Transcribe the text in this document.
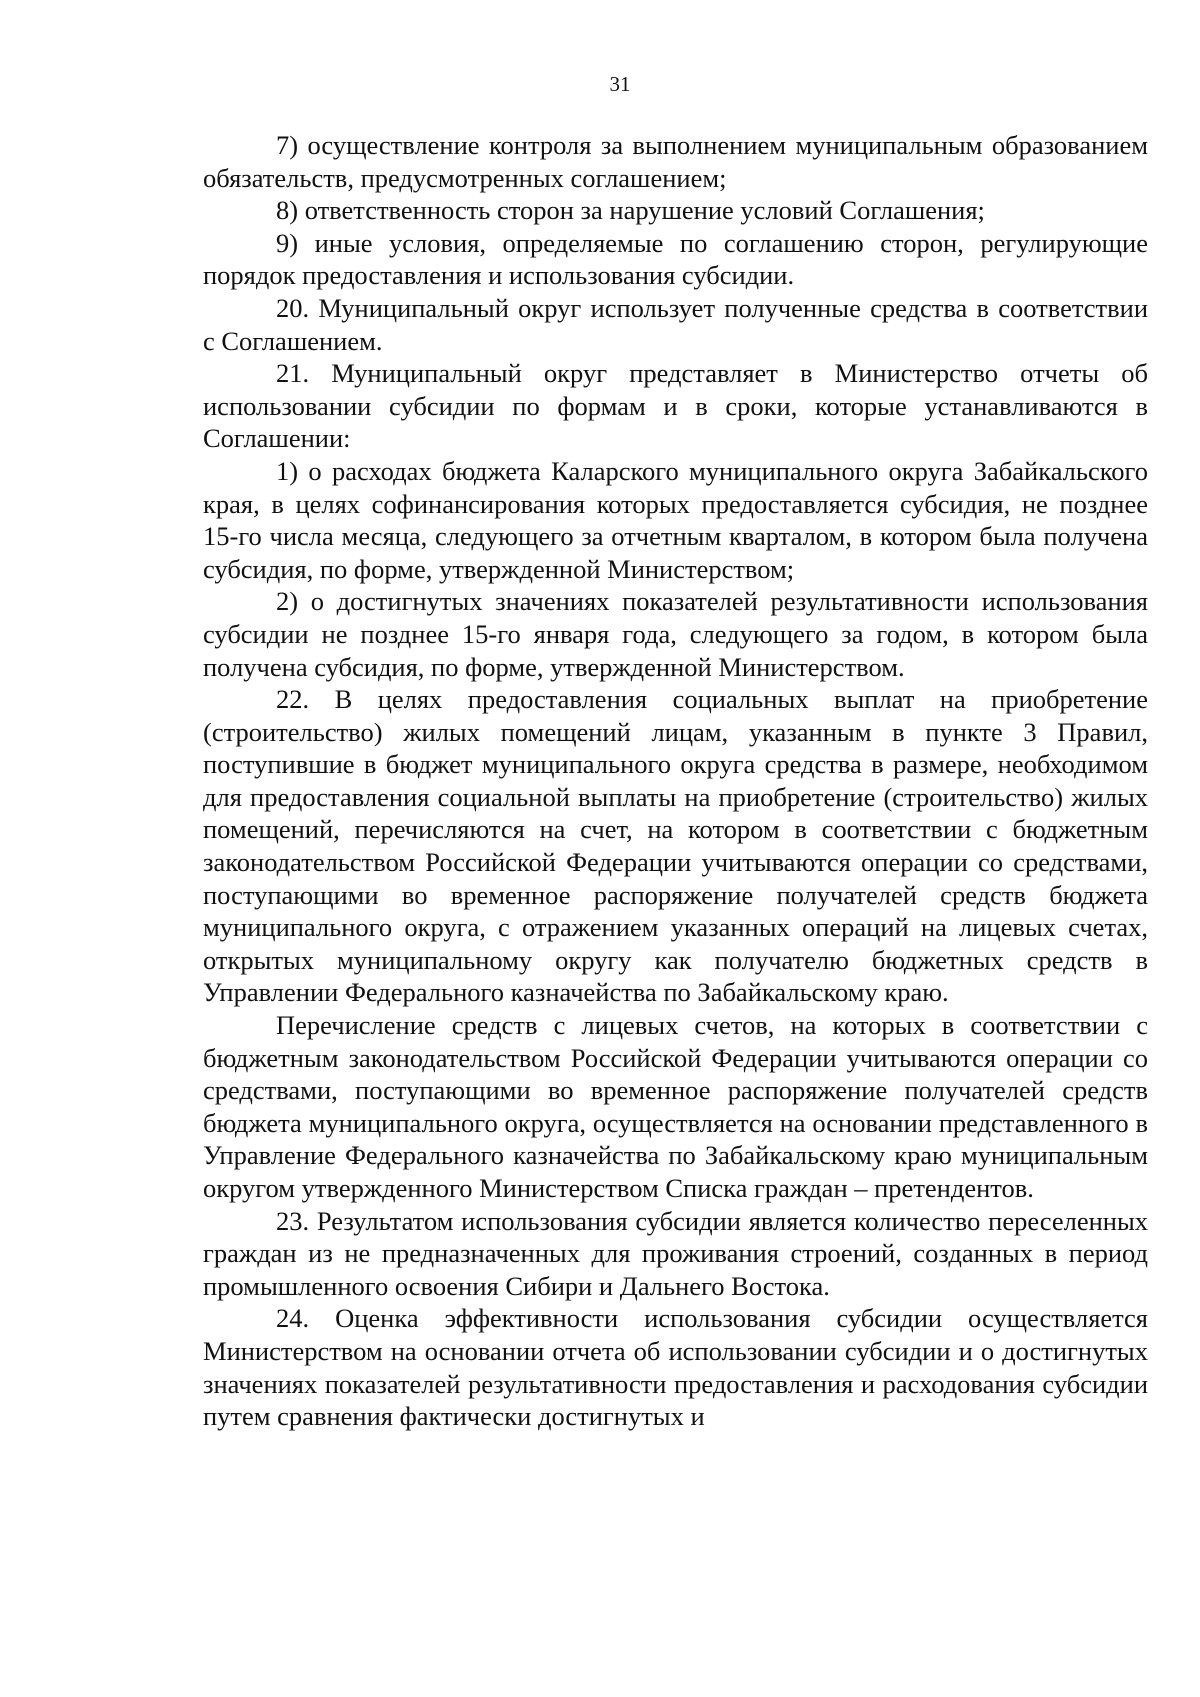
31

7) осуществление контроля за выполнением муниципальным образованием обязательств, предусмотренных соглашением;

8) ответственность сторон за нарушение условий Соглашения;

9) иные условия, определяемые по соглашению сторон, регулирующие порядок предоставления и использования субсидии.

20. Муниципальный округ использует полученные средства в соответствии с Соглашением.

21. Муниципальный округ представляет в Министерство отчеты об использовании субсидии по формам и в сроки, которые устанавливаются в Соглашении:

1) о расходах бюджета Каларского муниципального округа Забайкальского края, в целях софинансирования которых предоставляется субсидия, не позднее 15-го числа месяца, следующего за отчетным кварталом, в котором была получена субсидия, по форме, утвержденной Министерством;

2) о достигнутых значениях показателей результативности использования субсидии не позднее 15-го января года, следующего за годом, в котором была получена субсидия, по форме, утвержденной Министерством.

22. В целях предоставления социальных выплат на приобретение (строительство) жилых помещений лицам, указанным в пункте 3 Правил, поступившие в бюджет муниципального округа средства в размере, необходимом для предоставления социальной выплаты на приобретение (строительство) жилых помещений, перечисляются на счет, на котором в соответствии с бюджетным законодательством Российской Федерации учитываются операции со средствами, поступающими во временное распоряжение получателей средств бюджета муниципального округа, с отражением указанных операций на лицевых счетах, открытых муниципальному округу как получателю бюджетных средств в Управлении Федерального казначейства по Забайкальскому краю.

Перечисление средств с лицевых счетов, на которых в соответствии с бюджетным законодательством Российской Федерации учитываются операции со средствами, поступающими во временное распоряжение получателей средств бюджета муниципального округа, осуществляется на основании представленного в Управление Федерального казначейства по Забайкальскому краю муниципальным округом утвержденного Министерством Списка граждан – претендентов.

23. Результатом использования субсидии является количество переселенных граждан из не предназначенных для проживания строений, созданных в период промышленного освоения Сибири и Дальнего Востока.

24. Оценка эффективности использования субсидии осуществляется Министерством на основании отчета об использовании субсидии и о достигнутых значениях показателей результативности предоставления и расходования субсидии путем сравнения фактически достигнутых и
